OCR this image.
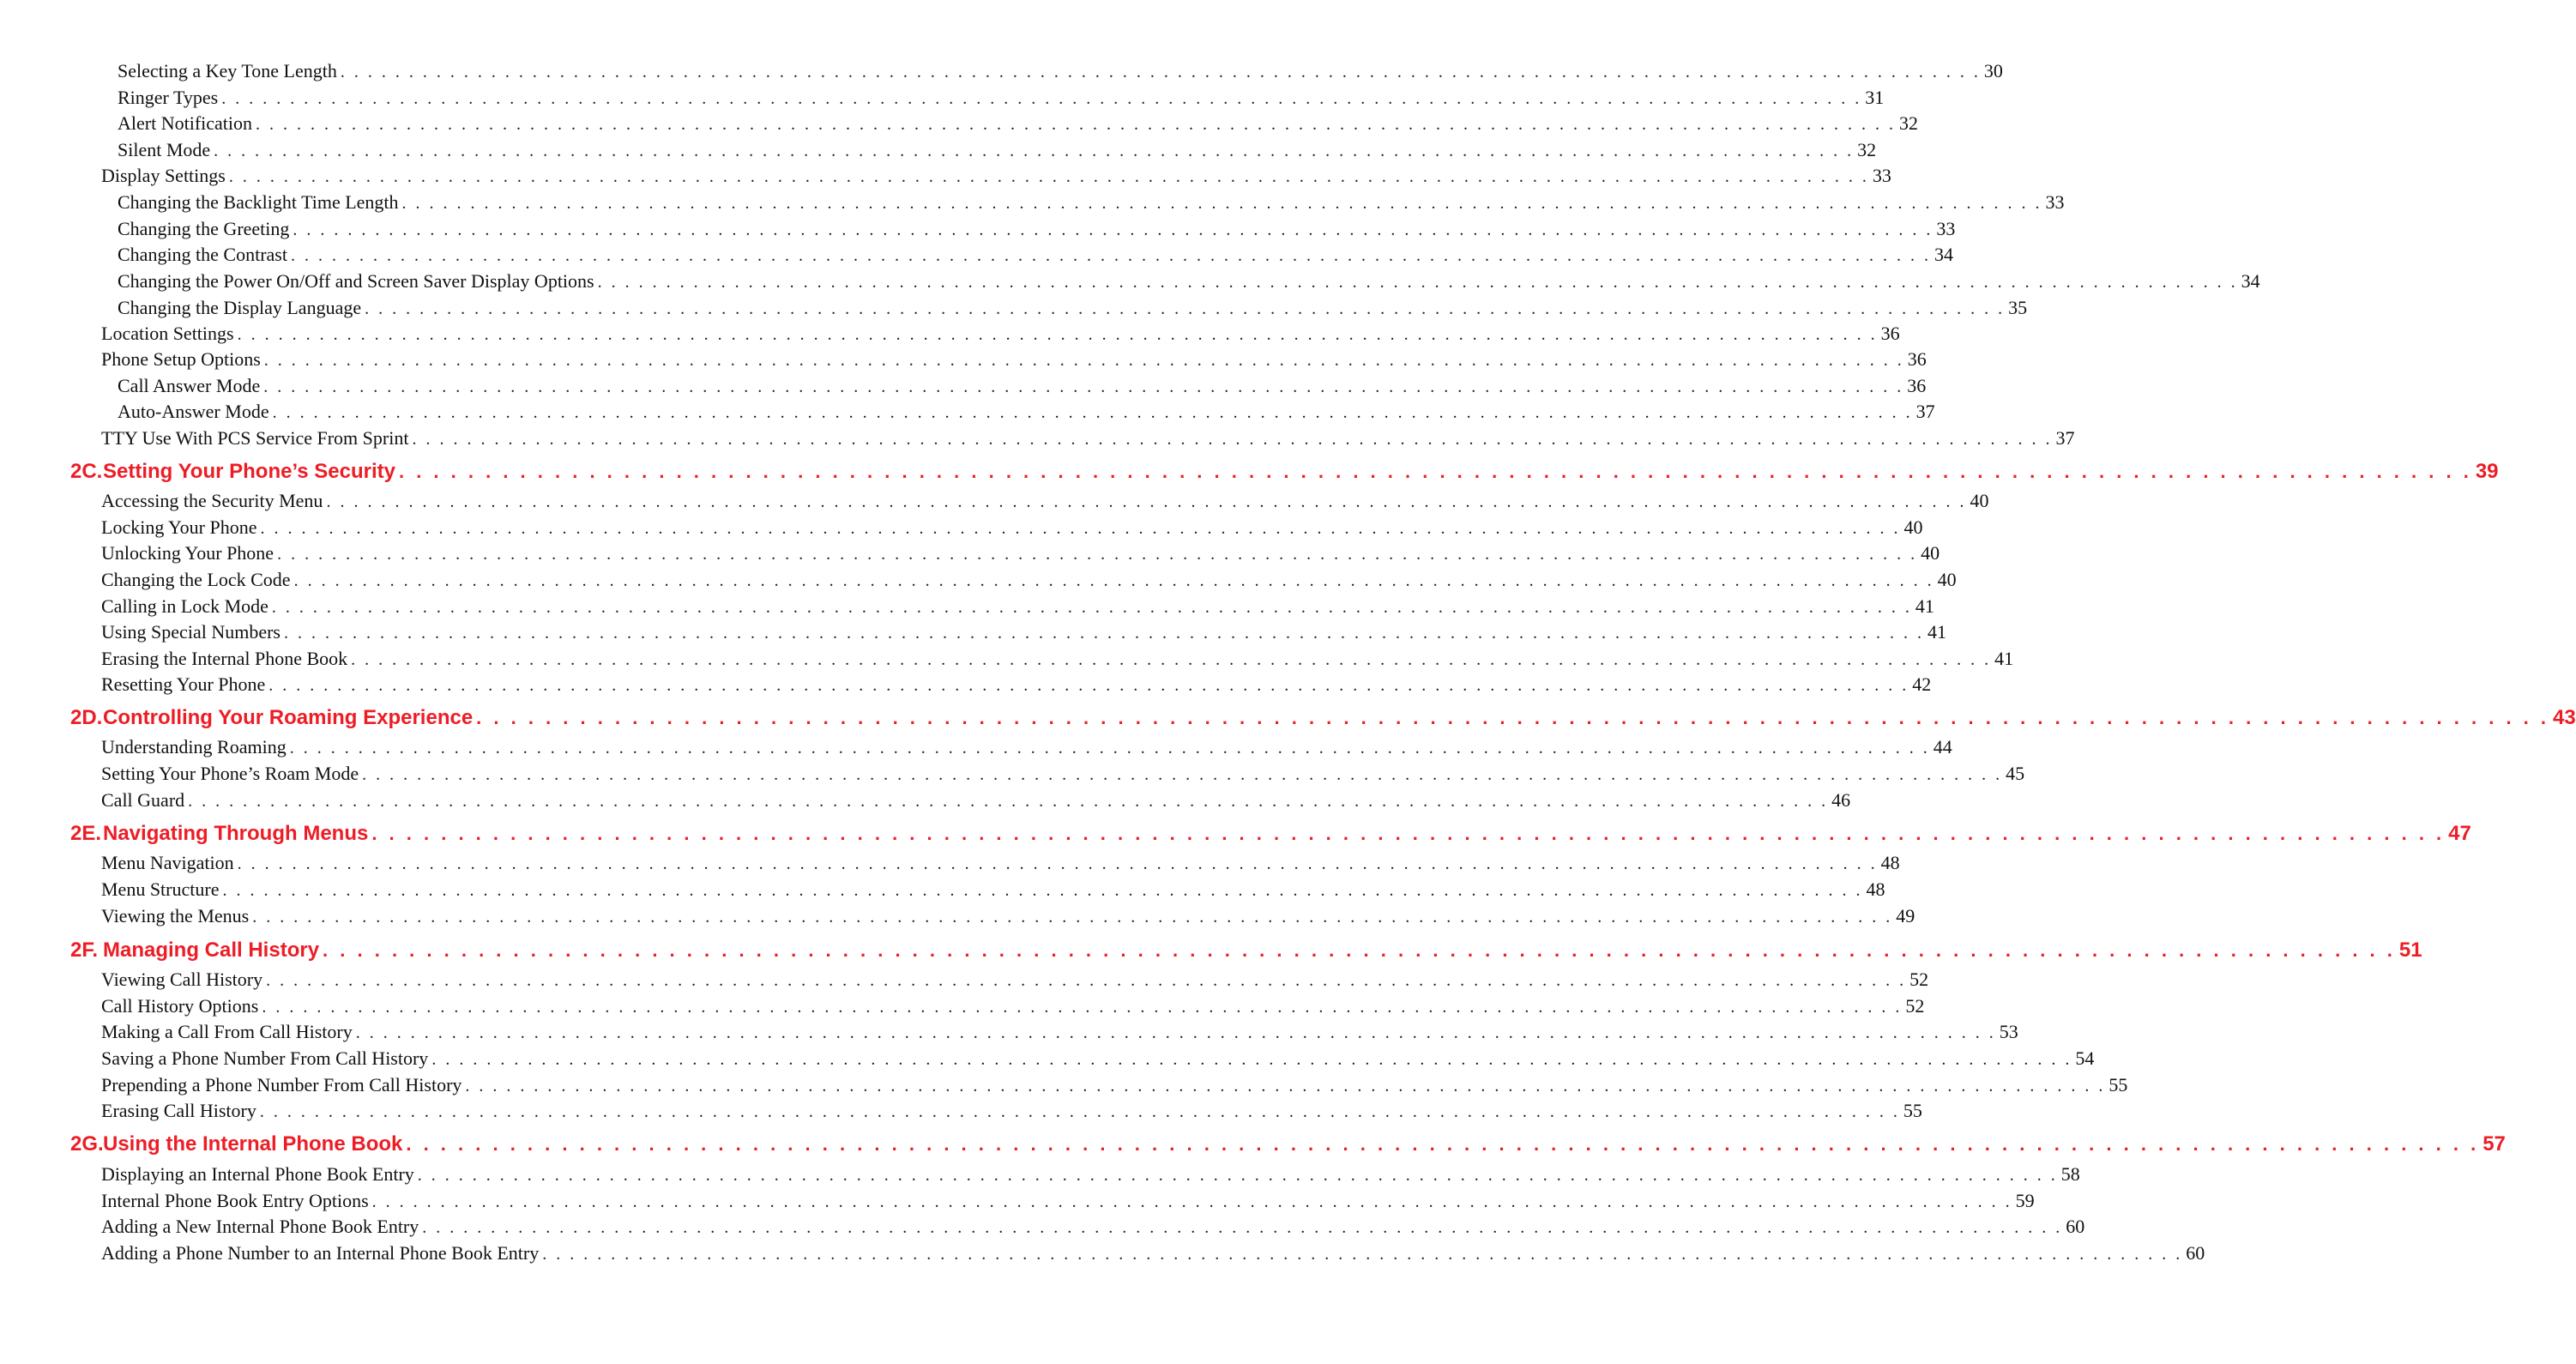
Selecting a Key Tone Length . . . . . . . . . . . . . . . . . . . . . . . . . . . . . . . . . . . . . . . . . . . . . . . . . . . . . . . . . . . . . . . . . . . . . . . . . . . . . . . . . . . . . . . . . . . . . . . . . . . . . . . . . . . . . . . . . . . . . . . . 30
Ringer Types . . . . . . . . . . . . . . . . . . . . . . . . . . . . . . . . . . . . . . . . . . . . . . . . . . . . . . . . . . . . . . . . . . . . . . . . . . . . . . . . . . . . . . . . . . . . . . . . . . . . . . . . . . . . . . . . . . . . . . . . 31
Alert Notification . . . . . . . . . . . . . . . . . . . . . . . . . . . . . . . . . . . . . . . . . . . . . . . . . . . . . . . . . . . . . . . . . . . . . . . . . . . . . . . . . . . . . . . . . . . . . . . . . . . . . . . . . . . . . . . . . . . . . . . . 32
Silent Mode . . . . . . . . . . . . . . . . . . . . . . . . . . . . . . . . . . . . . . . . . . . . . . . . . . . . . . . . . . . . . . . . . . . . . . . . . . . . . . . . . . . . . . . . . . . . . . . . . . . . . . . . . . . . . . . . . . . . . . . . 32
Display Settings . . . . . . . . . . . . . . . . . . . . . . . . . . . . . . . . . . . . . . . . . . . . . . . . . . . . . . . . . . . . . . . . . . . . . . . . . . . . . . . . . . . . . . . . . . . . . . . . . . . . . . . . . . . . . . . . . . . . . . . . 33
Changing the Backlight Time Length . . . . . . . . . . . . . . . . . . . . . . . . . . . . . . . . . . . . . . . . . . . . . . . . . . . . . . . . . . . . . . . . . . . . . . . . . . . . . . . . . . . . . . . . . . . . . . . . . . . . . . . . . . . . . . . . . . . . . . . . 33
Changing the Greeting . . . . . . . . . . . . . . . . . . . . . . . . . . . . . . . . . . . . . . . . . . . . . . . . . . . . . . . . . . . . . . . . . . . . . . . . . . . . . . . . . . . . . . . . . . . . . . . . . . . . . . . . . . . . . . . . . . . . . . . . 33
Changing the Contrast . . . . . . . . . . . . . . . . . . . . . . . . . . . . . . . . . . . . . . . . . . . . . . . . . . . . . . . . . . . . . . . . . . . . . . . . . . . . . . . . . . . . . . . . . . . . . . . . . . . . . . . . . . . . . . . . . . . . . . . . 34
Changing the Power On/Off and Screen Saver Display Options . . . . . . . . . . . . . . . . . . . . . . . . . . . . . . . . . . . . . . . . . . . . . . . . . . . . . . . . . . . . . . . . . . . . . . . . . . . . . . . . . . . . . . . . . . . . . . . . . . . . . . . . . . . . . . . . . . . . . . . . 34
Changing the Display Language . . . . . . . . . . . . . . . . . . . . . . . . . . . . . . . . . . . . . . . . . . . . . . . . . . . . . . . . . . . . . . . . . . . . . . . . . . . . . . . . . . . . . . . . . . . . . . . . . . . . . . . . . . . . . . . . . . . . . . . . 35
Location Settings . . . . . . . . . . . . . . . . . . . . . . . . . . . . . . . . . . . . . . . . . . . . . . . . . . . . . . . . . . . . . . . . . . . . . . . . . . . . . . . . . . . . . . . . . . . . . . . . . . . . . . . . . . . . . . . . . . . . . . . . 36
Phone Setup Options . . . . . . . . . . . . . . . . . . . . . . . . . . . . . . . . . . . . . . . . . . . . . . . . . . . . . . . . . . . . . . . . . . . . . . . . . . . . . . . . . . . . . . . . . . . . . . . . . . . . . . . . . . . . . . . . . . . . . . . . 36
Call Answer Mode . . . . . . . . . . . . . . . . . . . . . . . . . . . . . . . . . . . . . . . . . . . . . . . . . . . . . . . . . . . . . . . . . . . . . . . . . . . . . . . . . . . . . . . . . . . . . . . . . . . . . . . . . . . . . . . . . . . . . . . . 36
Auto-Answer Mode . . . . . . . . . . . . . . . . . . . . . . . . . . . . . . . . . . . . . . . . . . . . . . . . . . . . . . . . . . . . . . . . . . . . . . . . . . . . . . . . . . . . . . . . . . . . . . . . . . . . . . . . . . . . . . . . . . . . . . . . 37
TTY Use With PCS Service From Sprint . . . . . . . . . . . . . . . . . . . . . . . . . . . . . . . . . . . . . . . . . . . . . . . . . . . . . . . . . . . . . . . . . . . . . . . . . . . . . . . . . . . . . . . . . . . . . . . . . . . . . . . . . . . . . . . . . . . . . . . . 37
2C.Setting Your Phone’s Security . . . . . . . . . . . . . . . . . . . . . . . . . . . . . . . . . . . . . . . . . . . . . . . . . . . . . . . . . . . . . . . . . . . . . . . . . . . . . . . . . . . . . . . . . . . . . . . . . . . . . . . . . . . . . . . . . . . . . . . . 39
Accessing the Security Menu . . . . . . . . . . . . . . . . . . . . . . . . . . . . . . . . . . . . . . . . . . . . . . . . . . . . . . . . . . . . . . . . . . . . . . . . . . . . . . . . . . . . . . . . . . . . . . . . . . . . . . . . . . . . . . . . . . . . . . . . 40
Locking Your Phone . . . . . . . . . . . . . . . . . . . . . . . . . . . . . . . . . . . . . . . . . . . . . . . . . . . . . . . . . . . . . . . . . . . . . . . . . . . . . . . . . . . . . . . . . . . . . . . . . . . . . . . . . . . . . . . . . . . . . . . . 40
Unlocking Your Phone . . . . . . . . . . . . . . . . . . . . . . . . . . . . . . . . . . . . . . . . . . . . . . . . . . . . . . . . . . . . . . . . . . . . . . . . . . . . . . . . . . . . . . . . . . . . . . . . . . . . . . . . . . . . . . . . . . . . . . . . 40
Changing the Lock Code . . . . . . . . . . . . . . . . . . . . . . . . . . . . . . . . . . . . . . . . . . . . . . . . . . . . . . . . . . . . . . . . . . . . . . . . . . . . . . . . . . . . . . . . . . . . . . . . . . . . . . . . . . . . . . . . . . . . . . . . 40
Calling in Lock Mode . . . . . . . . . . . . . . . . . . . . . . . . . . . . . . . . . . . . . . . . . . . . . . . . . . . . . . . . . . . . . . . . . . . . . . . . . . . . . . . . . . . . . . . . . . . . . . . . . . . . . . . . . . . . . . . . . . . . . . . . 41
Using Special Numbers . . . . . . . . . . . . . . . . . . . . . . . . . . . . . . . . . . . . . . . . . . . . . . . . . . . . . . . . . . . . . . . . . . . . . . . . . . . . . . . . . . . . . . . . . . . . . . . . . . . . . . . . . . . . . . . . . . . . . . . . 41
Erasing the Internal Phone Book . . . . . . . . . . . . . . . . . . . . . . . . . . . . . . . . . . . . . . . . . . . . . . . . . . . . . . . . . . . . . . . . . . . . . . . . . . . . . . . . . . . . . . . . . . . . . . . . . . . . . . . . . . . . . . . . . . . . . . . . 41
Resetting Your Phone . . . . . . . . . . . . . . . . . . . . . . . . . . . . . . . . . . . . . . . . . . . . . . . . . . . . . . . . . . . . . . . . . . . . . . . . . . . . . . . . . . . . . . . . . . . . . . . . . . . . . . . . . . . . . . . . . . . . . . . . 42
2D.Controlling Your Roaming Experience . . . . . . . . . . . . . . . . . . . . . . . . . . . . . . . . . . . . . . . . . . . . . . . . . . . . . . . . . . . . . . . . . . . . . . . . . . . . . . . . . . . . . . . . . . . . . . . . . . . . . . . . . . . . . . . . . . . . . . . . 43
Understanding Roaming . . . . . . . . . . . . . . . . . . . . . . . . . . . . . . . . . . . . . . . . . . . . . . . . . . . . . . . . . . . . . . . . . . . . . . . . . . . . . . . . . . . . . . . . . . . . . . . . . . . . . . . . . . . . . . . . . . . . . . . . 44
Setting Your Phone’s Roam Mode . . . . . . . . . . . . . . . . . . . . . . . . . . . . . . . . . . . . . . . . . . . . . . . . . . . . . . . . . . . . . . . . . . . . . . . . . . . . . . . . . . . . . . . . . . . . . . . . . . . . . . . . . . . . . . . . . . . . . . . . 45
Call Guard . . . . . . . . . . . . . . . . . . . . . . . . . . . . . . . . . . . . . . . . . . . . . . . . . . . . . . . . . . . . . . . . . . . . . . . . . . . . . . . . . . . . . . . . . . . . . . . . . . . . . . . . . . . . . . . . . . . . . . . . 46
2E.Navigating Through Menus . . . . . . . . . . . . . . . . . . . . . . . . . . . . . . . . . . . . . . . . . . . . . . . . . . . . . . . . . . . . . . . . . . . . . . . . . . . . . . . . . . . . . . . . . . . . . . . . . . . . . . . . . . . . . . . . . . . . . . . . 47
Menu Navigation . . . . . . . . . . . . . . . . . . . . . . . . . . . . . . . . . . . . . . . . . . . . . . . . . . . . . . . . . . . . . . . . . . . . . . . . . . . . . . . . . . . . . . . . . . . . . . . . . . . . . . . . . . . . . . . . . . . . . . . . 48
Menu Structure . . . . . . . . . . . . . . . . . . . . . . . . . . . . . . . . . . . . . . . . . . . . . . . . . . . . . . . . . . . . . . . . . . . . . . . . . . . . . . . . . . . . . . . . . . . . . . . . . . . . . . . . . . . . . . . . . . . . . . . . 48
Viewing the Menus . . . . . . . . . . . . . . . . . . . . . . . . . . . . . . . . . . . . . . . . . . . . . . . . . . . . . . . . . . . . . . . . . . . . . . . . . . . . . . . . . . . . . . . . . . . . . . . . . . . . . . . . . . . . . . . . . . . . . . . . 49
2F. Managing Call History . . . . . . . . . . . . . . . . . . . . . . . . . . . . . . . . . . . . . . . . . . . . . . . . . . . . . . . . . . . . . . . . . . . . . . . . . . . . . . . . . . . . . . . . . . . . . . . . . . . . . . . . . . . . . . . . . . . . . . . . 51
Viewing Call History . . . . . . . . . . . . . . . . . . . . . . . . . . . . . . . . . . . . . . . . . . . . . . . . . . . . . . . . . . . . . . . . . . . . . . . . . . . . . . . . . . . . . . . . . . . . . . . . . . . . . . . . . . . . . . . . . . . . . . . . 52
Call History Options . . . . . . . . . . . . . . . . . . . . . . . . . . . . . . . . . . . . . . . . . . . . . . . . . . . . . . . . . . . . . . . . . . . . . . . . . . . . . . . . . . . . . . . . . . . . . . . . . . . . . . . . . . . . . . . . . . . . . . . . 52
Making a Call From Call History . . . . . . . . . . . . . . . . . . . . . . . . . . . . . . . . . . . . . . . . . . . . . . . . . . . . . . . . . . . . . . . . . . . . . . . . . . . . . . . . . . . . . . . . . . . . . . . . . . . . . . . . . . . . . . . . . . . . . . . . 53
Saving a Phone Number From Call History . . . . . . . . . . . . . . . . . . . . . . . . . . . . . . . . . . . . . . . . . . . . . . . . . . . . . . . . . . . . . . . . . . . . . . . . . . . . . . . . . . . . . . . . . . . . . . . . . . . . . . . . . . . . . . . . . . . . . . . . 54
Prepending a Phone Number From Call History . . . . . . . . . . . . . . . . . . . . . . . . . . . . . . . . . . . . . . . . . . . . . . . . . . . . . . . . . . . . . . . . . . . . . . . . . . . . . . . . . . . . . . . . . . . . . . . . . . . . . . . . . . . . . . . . . . . . . . . . 55
Erasing Call History . . . . . . . . . . . . . . . . . . . . . . . . . . . . . . . . . . . . . . . . . . . . . . . . . . . . . . . . . . . . . . . . . . . . . . . . . . . . . . . . . . . . . . . . . . . . . . . . . . . . . . . . . . . . . . . . . . . . . . . . 55
2G.Using the Internal Phone Book . . . . . . . . . . . . . . . . . . . . . . . . . . . . . . . . . . . . . . . . . . . . . . . . . . . . . . . . . . . . . . . . . . . . . . . . . . . . . . . . . . . . . . . . . . . . . . . . . . . . . . . . . . . . . . . . . . . . . . . . 57
Displaying an Internal Phone Book Entry . . . . . . . . . . . . . . . . . . . . . . . . . . . . . . . . . . . . . . . . . . . . . . . . . . . . . . . . . . . . . . . . . . . . . . . . . . . . . . . . . . . . . . . . . . . . . . . . . . . . . . . . . . . . . . . . . . . . . . . . 58
Internal Phone Book Entry Options . . . . . . . . . . . . . . . . . . . . . . . . . . . . . . . . . . . . . . . . . . . . . . . . . . . . . . . . . . . . . . . . . . . . . . . . . . . . . . . . . . . . . . . . . . . . . . . . . . . . . . . . . . . . . . . . . . . . . . . . 59
Adding a New Internal Phone Book Entry . . . . . . . . . . . . . . . . . . . . . . . . . . . . . . . . . . . . . . . . . . . . . . . . . . . . . . . . . . . . . . . . . . . . . . . . . . . . . . . . . . . . . . . . . . . . . . . . . . . . . . . . . . . . . . . . . . . . . . . . 60
Adding a Phone Number to an Internal Phone Book Entry . . . . . . . . . . . . . . . . . . . . . . . . . . . . . . . . . . . . . . . . . . . . . . . . . . . . . . . . . . . . . . . . . . . . . . . . . . . . . . . . . . . . . . . . . . . . . . . . . . . . . . . . . . . . . . . . . . . . . . . . 60
